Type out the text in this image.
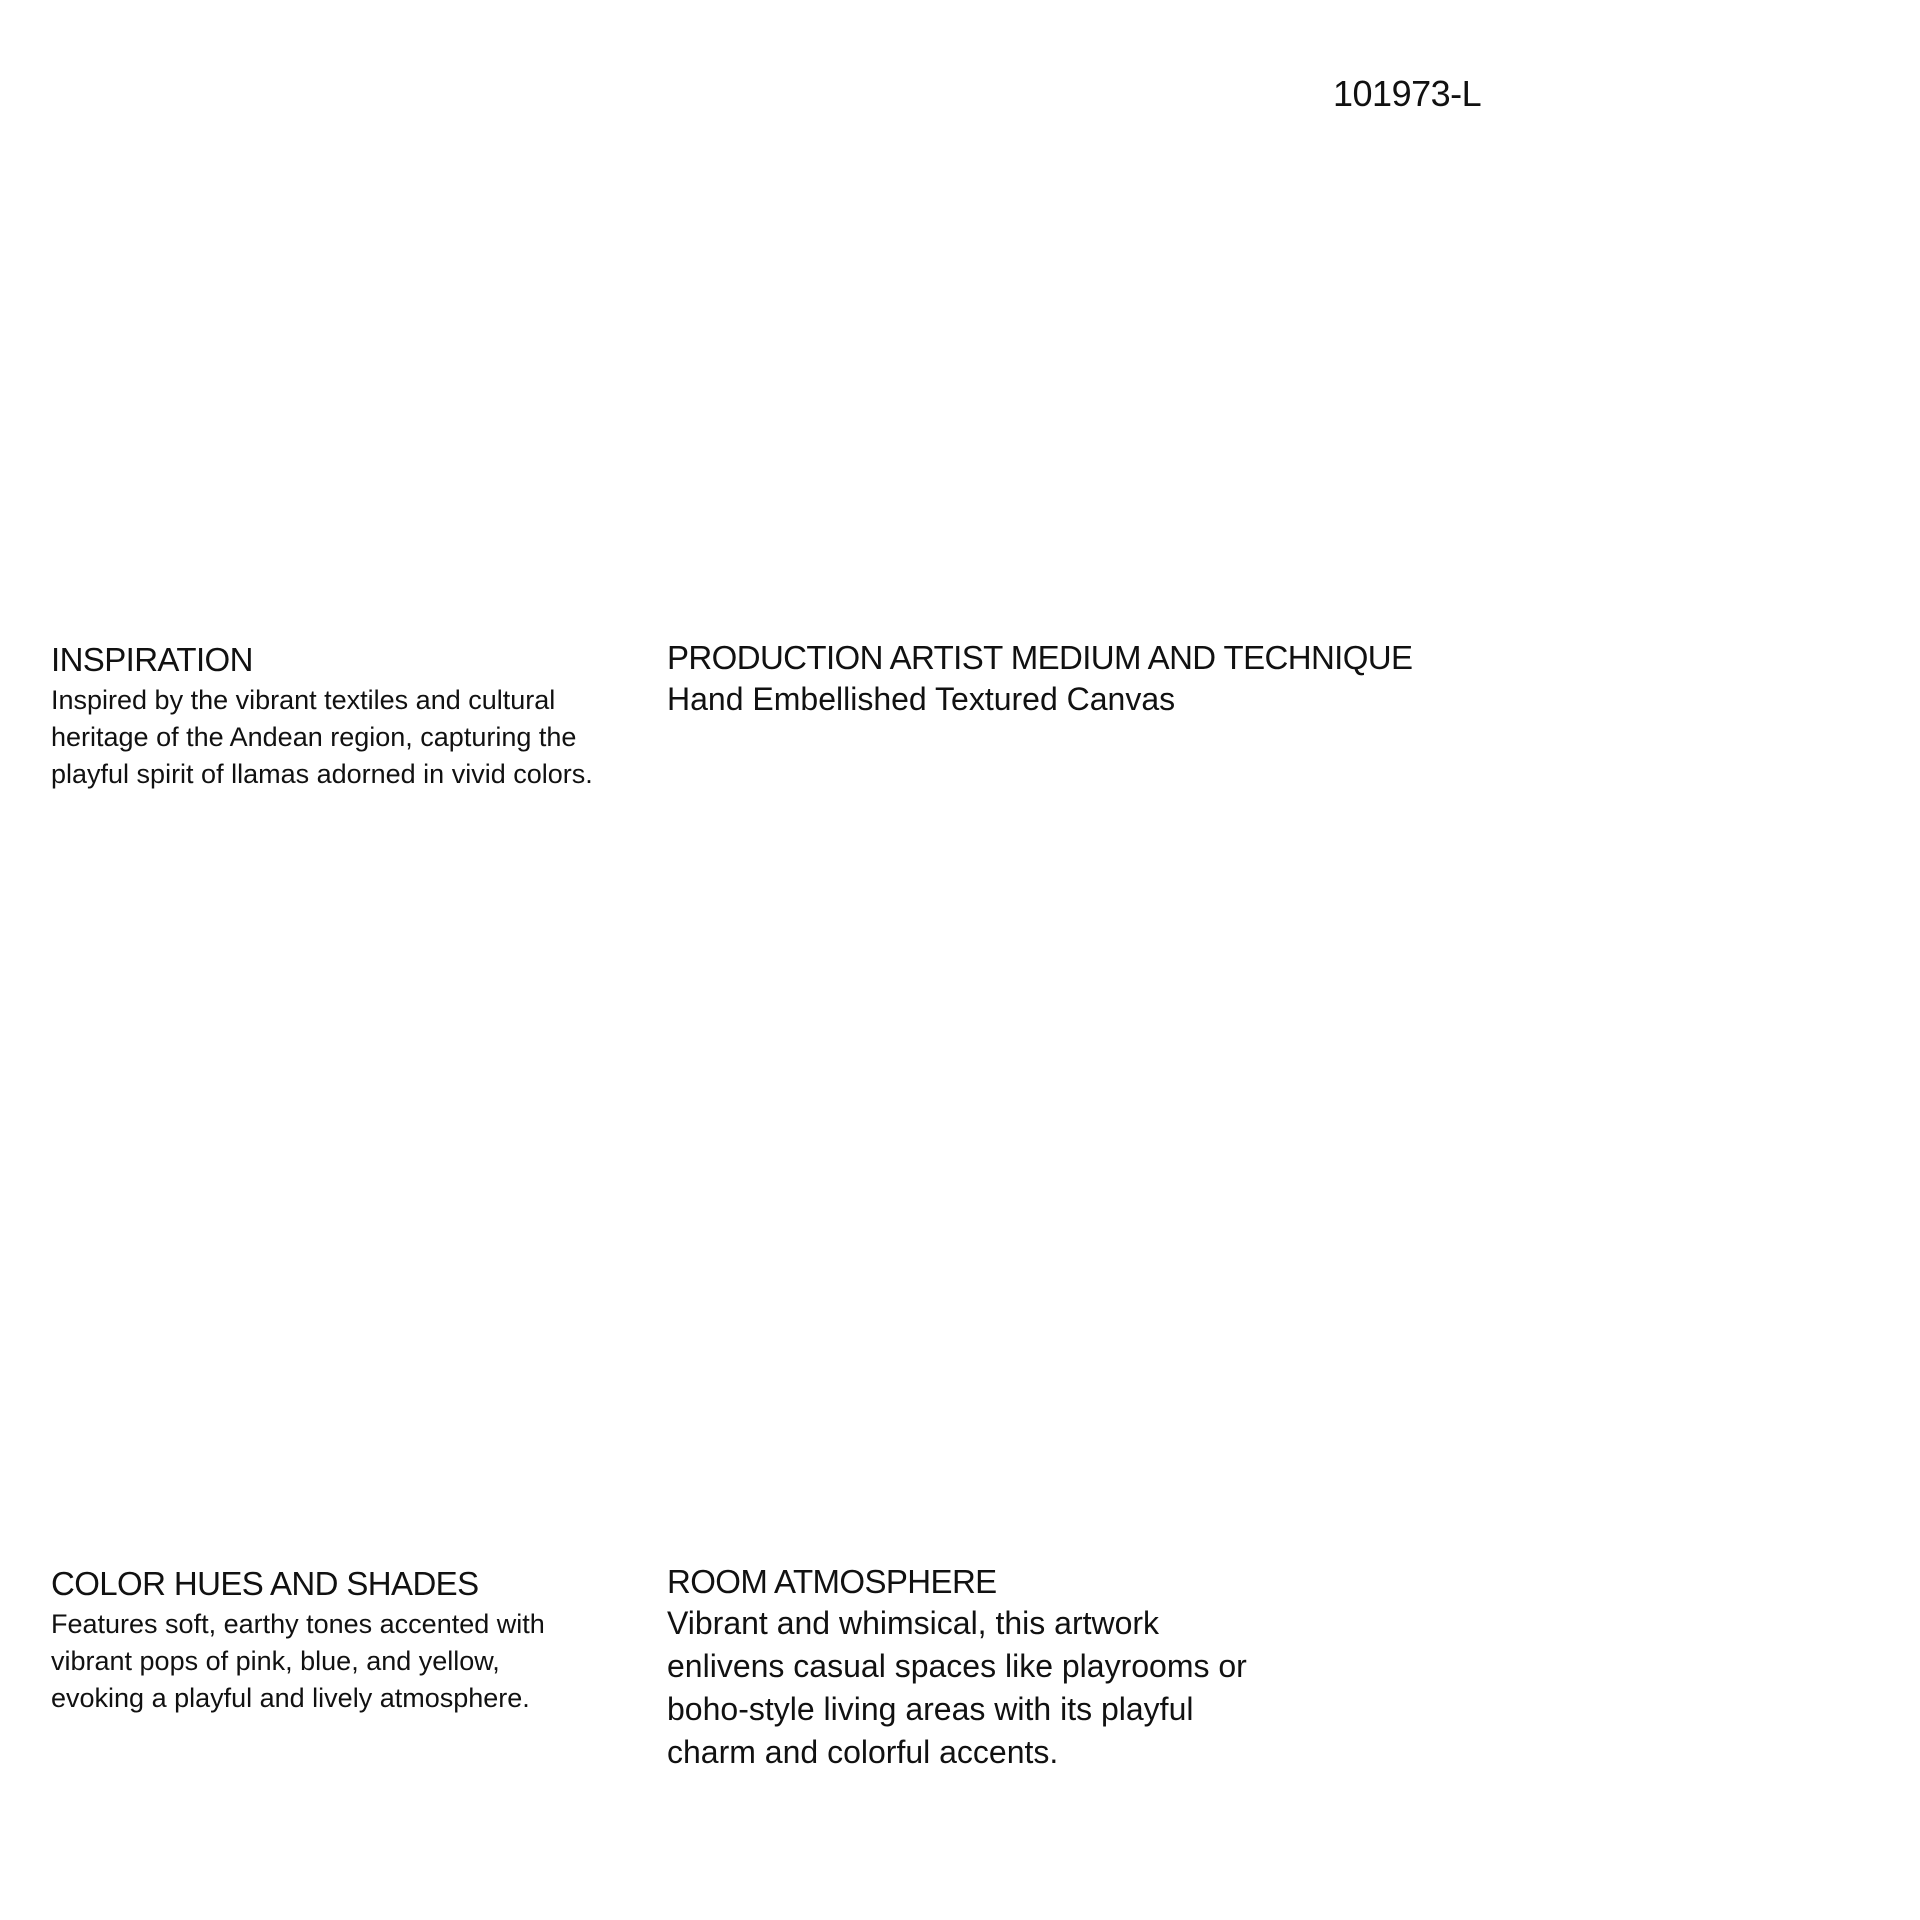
101973-L
INSPIRATION

Inspired by the vibrant textiles and cultural
heritage of the Andean region, capturing the
playful spirit of llamas adorned in vivid colors.

PRODUCTION ARTIST MEDIUM AND TECHNIQUE

Hand Embellished Textured Canvas

COLOR HUES AND SHADES

Features soft, earthy tones accented with
vibrant pops of pink, blue, and yellow,
evoking a playful and lively atmosphere.

ROOM ATMOSPHERE

Vibrant and whimsical, this artwork
enlivens casual spaces like playrooms or
boho-style living areas with its playful
charm and colorful accents.
